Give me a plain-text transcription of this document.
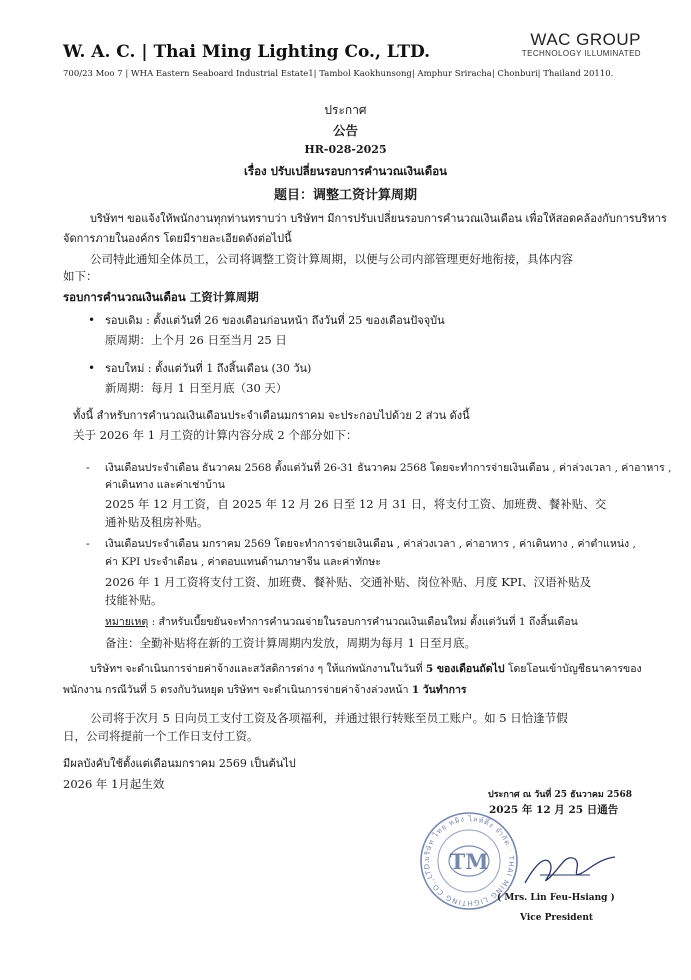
WAC GROUP
TECHNOLOGY ILLUMINATED
W. A. C. | Thai Ming Lighting Co., LTD.
700/23 Moo 7 | WHA Eastern Seaboard Industrial Estate1| Tambol Kaokhunsong| Amphur Sriracha| Chonburi| Thailand 20110.
ประกาศ
公告
HR-028-2025
เรื่อง ปรับเปลี่ยนรอบการคำนวณเงินเดือน
题目：调整工资计算周期
บริษัทฯ ขอแจ้งให้พนักงานทุกท่านทราบว่า บริษัทฯ มีการปรับเปลี่ยนรอบการคำนวณเงินเดือน เพื่อให้สอดคล้องกับการบริหาร
จัดการภายในองค์กร โดยมีรายละเอียดดังต่อไปนี้
公司特此通知全体员工，公司将调整工资计算周期，以便与公司内部管理更好地衔接，具体内容
如下：
รอบการคำนวณเงินเดือน 工资计算周期
• รอบเดิม : ตั้งแต่วันที่ 26 ของเดือนก่อนหน้า ถึงวันที่ 25 ของเดือนปัจจุบัน
原周期：上个月 26 日至当月 25 日
• รอบใหม่ : ตั้งแต่วันที่ 1 ถึงสิ้นเดือน (30 วัน)
新周期：每月 1 日至月底（30 天）
ทั้งนี้ สำหรับการคำนวณเงินเดือนประจำเดือนมกราคม จะประกอบไปด้วย 2 ส่วน ดังนี้
关于 2026 年 1 月工资的计算内容分成 2 个部分如下：
- เงินเดือนประจำเดือน ธันวาคม 2568 ตั้งแต่วันที่ 26-31 ธันวาคม 2568 โดยจะทำการจ่ายเงินเดือน , ค่าล่วงเวลา , ค่าอาหาร ,
ค่าเดินทาง และค่าเช่าบ้าน
2025 年 12 月工资，自 2025 年 12 月 26 日至 12 月 31 日，将支付工资、加班费、餐补贴、交
通补贴及租房补贴。
- เงินเดือนประจำเดือน มกราคม 2569 โดยจะทำการจ่ายเงินเดือน , ค่าล่วงเวลา , ค่าอาหาร , ค่าเดินทาง , ค่าตำแหน่ง ,
ค่า KPI ประจำเดือน , ค่าตอบแทนด้านภาษาจีน และค่าทักษะ
2026 年 1 月工资将支付工资、加班费、餐补贴、交通补贴、岗位补贴、月度 KPI、汉语补贴及
技能补贴。
หมายเหตุ : สำหรับเบี้ยขยันจะทำการคำนวณจ่ายในรอบการคำนวณเงินเดือนใหม่ ตั้งแต่วันที่ 1 ถึงสิ้นเดือน
备注：全勤补贴将在新的工资计算周期内发放，周期为每月 1 日至月底。
บริษัทฯ จะดำเนินการจ่ายค่าจ้างและสวัสดิการต่าง ๆ ให้แก่พนักงานในวันที่ 5 ของเดือนถัดไป โดยโอนเข้าบัญชีธนาคารของ
พนักงาน กรณีวันที่ 5 ตรงกับวันหยุด บริษัทฯ จะดำเนินการจ่ายค่าจ้างล่วงหน้า 1 วันทำการ
公司将于次月 5 日向员工支付工资及各项福利，并通过银行转账至员工账户。如 5 日恰逢节假
日，公司将提前一个工作日支付工资。
มีผลบังคับใช้ตั้งแต่เดือนมกราคม 2569 เป็นต้นไป
2026 年 1月起生效
ประกาศ ณ วันที่ 25 ธันวาคม 2568
2025 年 12 月 25 日通告
บริษัท ไทย หมิง ไลท์ติ้ง จำกัด · THAI MING LIGHTING CO.,LTD. TM
( Mrs. Lin Feu-Hsiang )
Vice President
